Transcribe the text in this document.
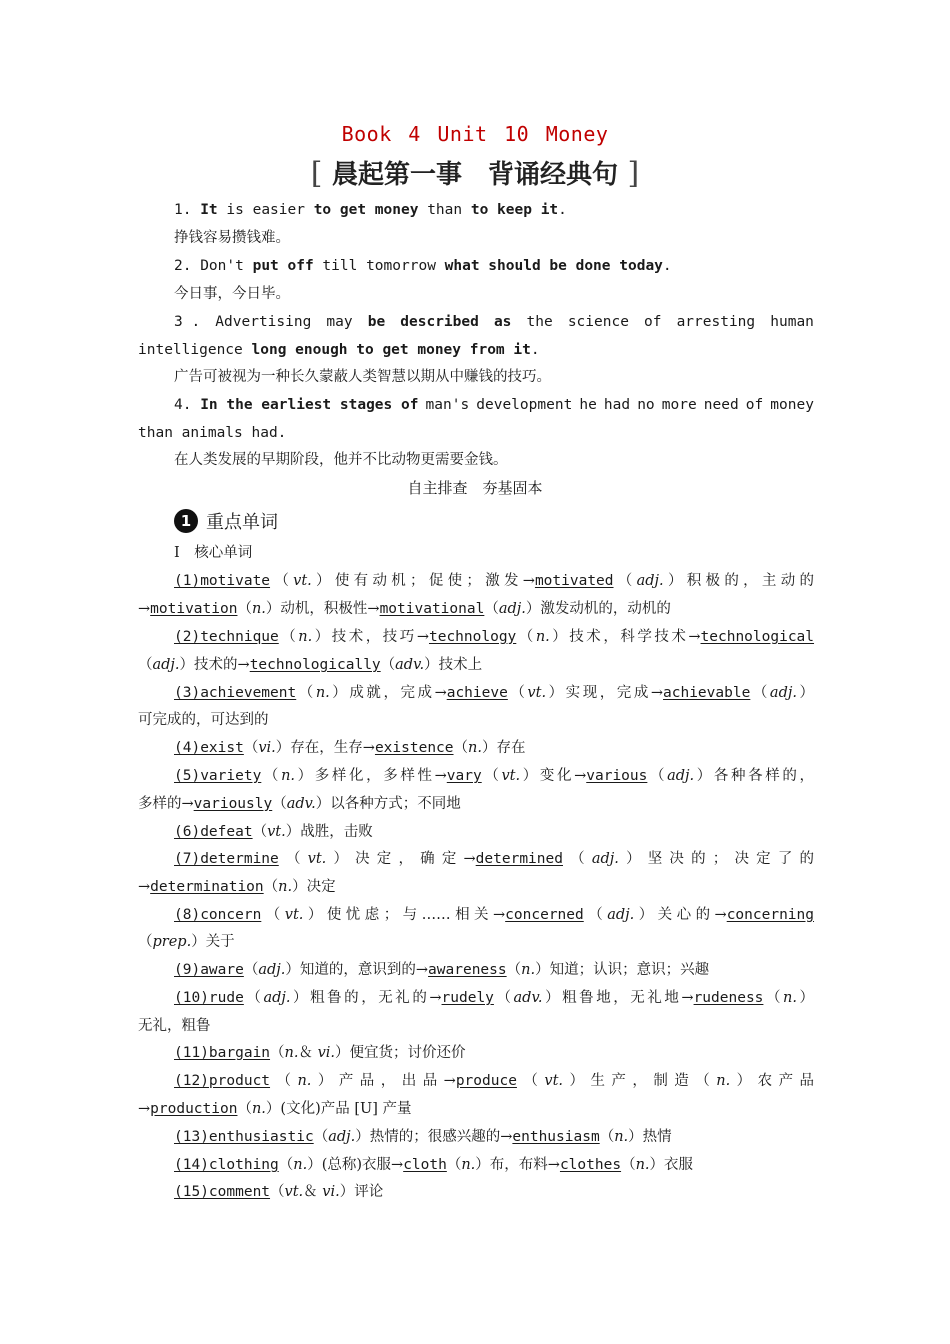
Book 4 Unit 10 Money
[ 晨起第一事　背诵经典句 ]
1. It is easier to get money than to keep it.
挣钱容易攒钱难。
2. Don't put off till tomorrow what should be done today.
今日事，今日毕。
3 . Advertising may be described as the science of arresting human
intelligence long enough to get money from it.
广告可被视为一种长久蒙蔽人类智慧以期从中赚钱的技巧。
4. In the earliest stages of man's development he had no more need of money
than animals had.
在人类发展的早期阶段，他并不比动物更需要金钱。
自主排查　夯基固本
1 重点单词
Ⅰ　核心单词
(1)motivate（vt.）使有动机；促使；激发→motivated（adj.）积极的，主动的
→motivation（n.）动机，积极性→motivational（adj.）激发动机的，动机的
(2)technique（n.）技术，技巧→technology（n.）技术，科学技术→technological
（adj.）技术的→technologically（adv.）技术上
(3)achievement（n.）成就，完成→achieve（vt.）实现，完成→achievable（adj.）
可完成的，可达到的
(4)exist（vi.）存在，生存→existence（n.）存在
(5)variety（n.）多样化，多样性→vary（vt.）变化→various（adj.）各种各样的，
多样的→variously（adv.）以各种方式；不同地
(6)defeat（vt.）战胜，击败
(7)determine（vt.）决定，确定→determined（adj.）坚决的；决定了的
→determination（n.）决定
(8)concern（vt.）使忧虑；与……相关→concerned（adj.）关心的→concerning
（prep.）关于
(9)aware（adj.）知道的，意识到的→awareness（n.）知道；认识；意识；兴趣
(10)rude（adj.）粗鲁的，无礼的→rudely（adv.）粗鲁地，无礼地→rudeness（n.）
无礼，粗鲁
(11)bargain（n.＆ vi.）便宜货；讨价还价
(12)product（n.）产品，出品→produce（vt.）生产，制造（n.）农产品
→production（n.）(文化)产品 [U] 产量
(13)enthusiastic（adj.）热情的；很感兴趣的→enthusiasm（n.）热情
(14)clothing（n.）(总称)衣服→cloth（n.）布，布料→clothes（n.）衣服
(15)comment（vt.＆ vi.）评论
